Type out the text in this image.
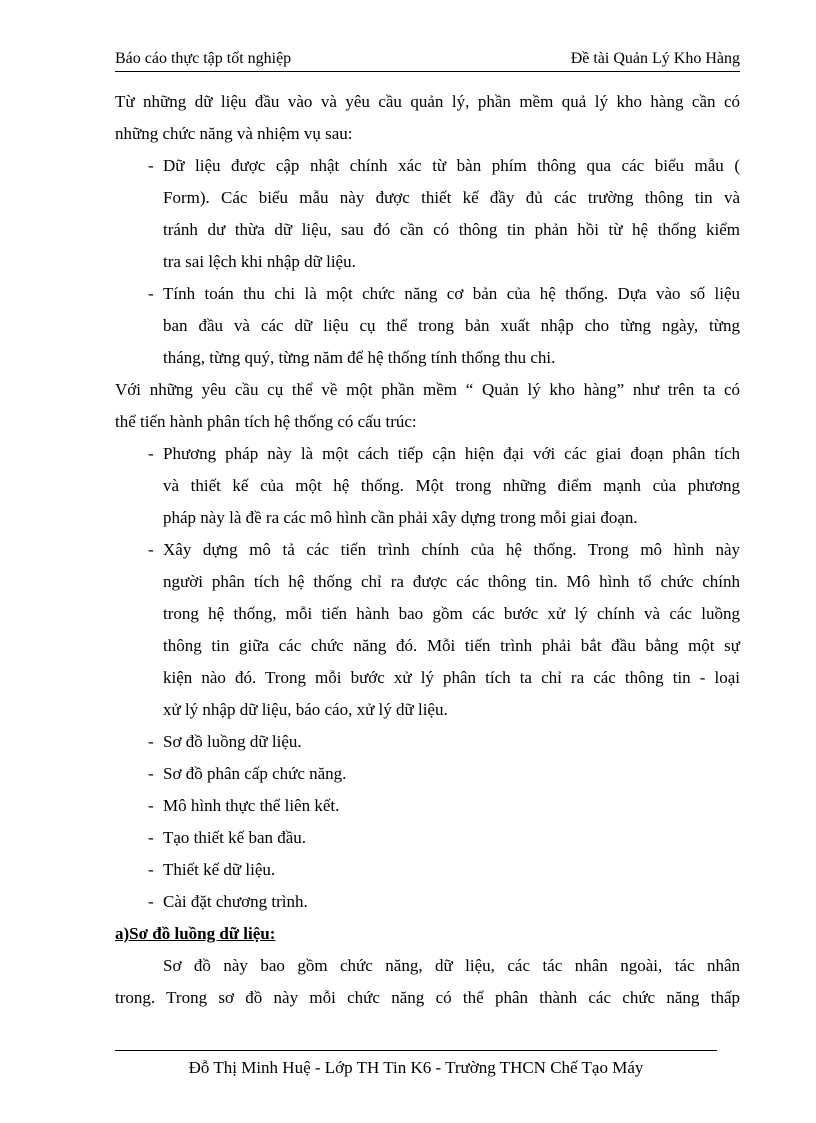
Báo cáo thực tập tốt nghiệp	Đề tài Quản Lý Kho Hàng
Từ những dữ liệu đầu vào và yêu cầu quản lý, phần mềm quả lý kho hàng cần có
những chức năng và nhiệm vụ sau:
- Dữ liệu được cập nhật chính xác từ bàn phím thông qua các biểu mẫu (
Form). Các biểu mẫu này được thiết kế đầy đủ các trường thông tin và
tránh dư thừa dữ liệu, sau đó cần có thông tin phản hồi từ hệ thống kiểm
tra sai lệch khi nhập dữ liệu.
- Tính toán thu chi là một chức năng cơ bản của hệ thống. Dựa vào số liệu
ban đầu và các dữ liệu cụ thể trong bản xuất nhập cho từng ngày, từng
tháng, từng quý, từng năm để hệ thống tính thống thu chi.
Với những yêu cầu cụ thể về một phần mềm “ Quản lý kho hàng” như trên ta có
thể tiến hành phân tích hệ thống có cấu trúc:
- Phương pháp này là một cách tiếp cận hiện đại với các giai đoạn phân tích
và thiết kế của một hệ thống. Một trong những điểm mạnh của phương
pháp này là đề ra các mô hình cần phải xây dựng trong mỗi giai đoạn.
- Xây dựng mô tả các tiến trình chính của hệ thống. Trong mô hình này
người phân tích hệ thống chỉ ra được các thông tin. Mô hình tổ chức chính
trong hệ thống, mỗi tiến hành bao gồm các bước xử lý chính và các luồng
thông tin giữa các chức năng đó. Mỗi tiến trình phải bắt đầu bằng một sự
kiện nào đó. Trong mỗi bước xử lý phân tích ta chỉ ra các thông tin - loại
xử lý nhập dữ liệu, báo cáo, xử lý dữ liệu.
- Sơ đồ luồng dữ liệu.
- Sơ đồ phân cấp chức năng.
- Mô hình thực thể liên kết.
- Tạo thiết kế ban đầu.
- Thiết kế dữ liệu.
- Cài đặt chương trình.
a)Sơ đồ luồng dữ liệu:
Sơ đồ này bao gồm chức năng, dữ liệu, các tác nhân ngoài, tác nhân
trong. Trong sơ đồ này mỗi chức năng có thể phân thành các chức năng thấp
Đỗ Thị Minh Huệ - Lớp TH Tin K6 - Trường THCN Chế Tạo Máy
